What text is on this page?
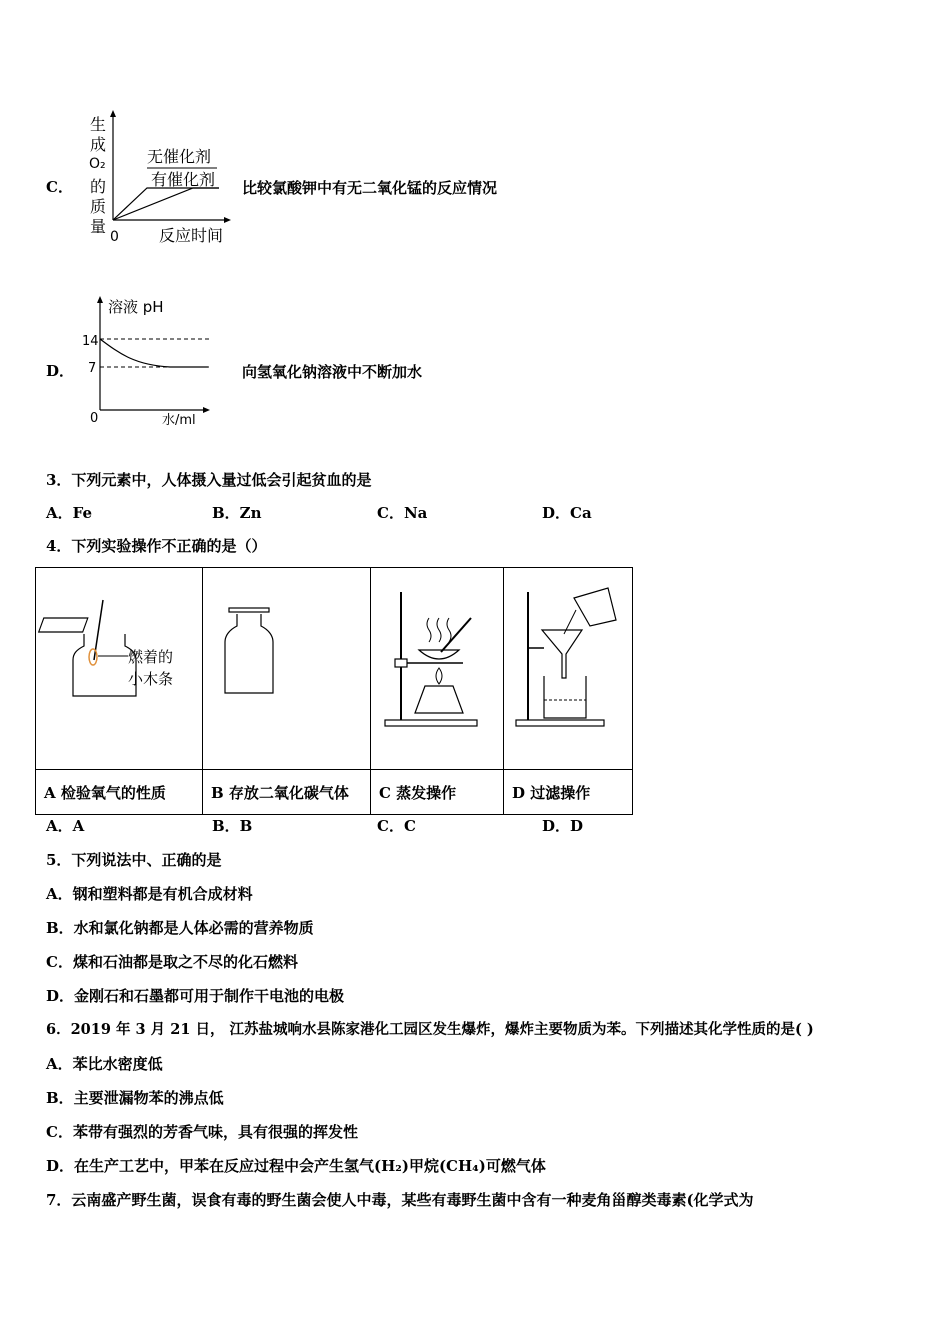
C．
生
成
O₂
的
质
量
0	反应时间
无催化剂
有催化剂 比较氯酸钾中有无二氧化锰的反应情况
D．
溶液 pH
14
7
0	水/ml
向氢氧化钠溶液中不断加水
3．下列元素中，人体摄入量过低会引起贫血的是
A．Fe	B．Zn	C．Na	D．Ca
4．下列实验操作不正确的是（）
燃着的
小木条

A 检验氧气的性质	B 存放二氧化碳气体	C 蒸发操作	D 过滤操作
A．A	B．B	C．C	D．D
5．下列说法中、正确的是
A．钢和塑料都是有机合成材料
B．水和氯化钠都是人体必需的营养物质
C．煤和石油都是取之不尽的化石燃料
D．金刚石和石墨都可用于制作干电池的电极
6．2019 年 3 月 21 日， 江苏盐城响水县陈家港化工园区发生爆炸，爆炸主要物质为苯。下列描述其化学性质的是( )
A．苯比水密度低
B．主要泄漏物苯的沸点低
C．苯带有强烈的芳香气味，具有很强的挥发性
D．在生产工艺中，甲苯在反应过程中会产生氢气(H₂)甲烷(CH₄)可燃气体
7．云南盛产野生菌，误食有毒的野生菌会使人中毒，某些有毒野生菌中含有一种麦角甾醇类毒素(化学式为
